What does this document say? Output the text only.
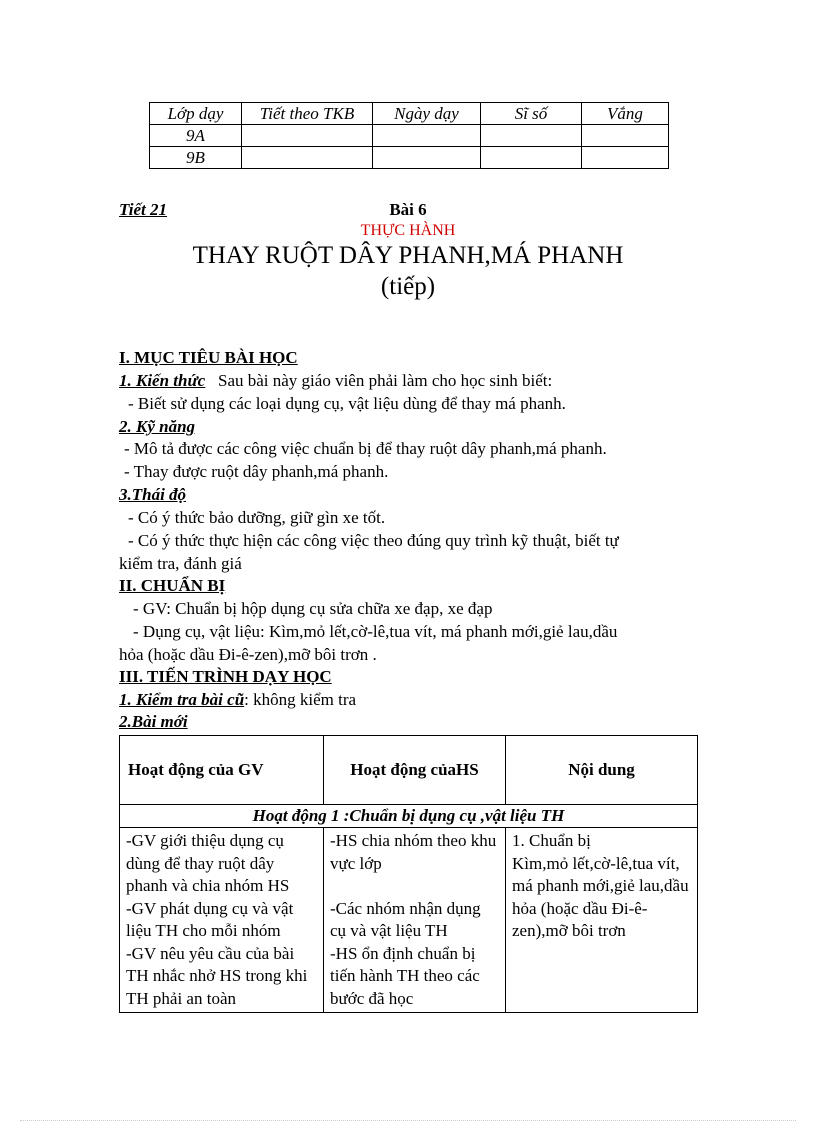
Lớp dạy	Tiết theo TKB	Ngày dạy	Sĩ số	Vắng
9A				
9B				
Tiết 21	Bài 6
THỰC HÀNH
THAY RUỘT DÂY PHANH,MÁ PHANH
(tiếp)
I. MỤC TIÊU BÀI HỌC
1. Kiến thức Sau bài này giáo viên phải làm cho học sinh biết:
- Biết sử dụng các loại dụng cụ, vật liệu dùng để thay má phanh.
2. Kỹ năng
- Mô tả được các công việc chuẩn bị để thay ruột dây phanh,má phanh.
- Thay được ruột dây phanh,má phanh.
3.Thái độ
- Có ý thức bảo dưỡng, giữ gìn xe tốt.
- Có ý thức thực hiện các công việc theo đúng quy trình kỹ thuật, biết tự
kiểm tra, đánh giá
II. CHUẨN BỊ
- GV: Chuẩn bị hộp dụng cụ sửa chữa xe đạp, xe đạp
- Dụng cụ, vật liệu: Kìm,mỏ lết,cờ-lê,tua vít, má phanh mới,giẻ lau,dầu
hỏa (hoặc dầu Đi-ê-zen),mỡ bôi trơn .
III. TIẾN TRÌNH DẠY HỌC
1. Kiểm tra bài cũ: không kiểm tra
2.Bài mới
Hoạt động của GV	Hoạt động củaHS	Nội dung
Hoạt động 1 :Chuẩn bị dụng cụ ,vật liệu TH		
-GV giới thiệu dụng cụ dùng để thay ruột dây phanh và chia nhóm HS
-GV phát dụng cụ và vật liệu TH cho mỗi nhóm
-GV nêu yêu cầu của bài TH nhắc nhở HS trong khi TH phải an toàn	-HS chia nhóm theo khu vực lớp

-Các nhóm nhận dụng cụ và vật liệu TH
-HS ổn định chuẩn bị tiến hành TH theo các bước đã học	1. Chuẩn bị
Kìm,mỏ lết,cờ-lê,tua vít, má phanh mới,giẻ lau,dầu hỏa (hoặc dầu Đi-ê-zen),mỡ bôi trơn
